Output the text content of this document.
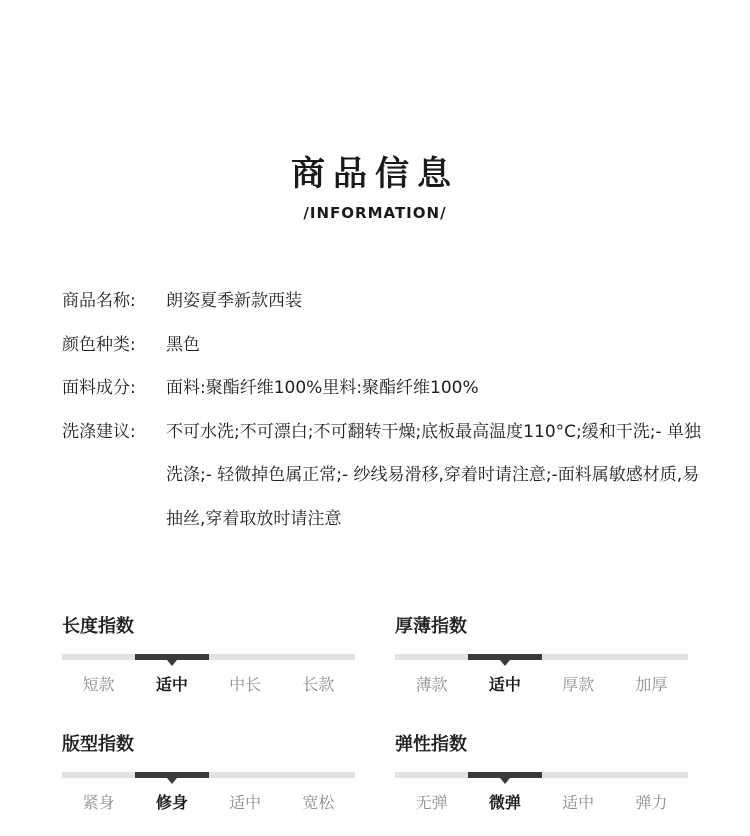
商品信息
/INFORMATION/
商品名称:	朗姿夏季新款西装
颜色种类:	黑色
面料成分:	面料:聚酯纤维100%里料:聚酯纤维100%
洗涤建议:	不可水洗;不可漂白;不可翻转干燥;底板最高温度110°C;缓和干洗;- 单独洗涤;- 轻微掉色属正常;- 纱线易滑移,穿着时请注意;-面料属敏感材质,易抽丝,穿着取放时请注意
长度指数
短款	适中	中长	长款
厚薄指数
薄款	适中	厚款	加厚
版型指数
紧身	修身	适中	宽松
弹性指数
无弹	微弹	适中	弹力
